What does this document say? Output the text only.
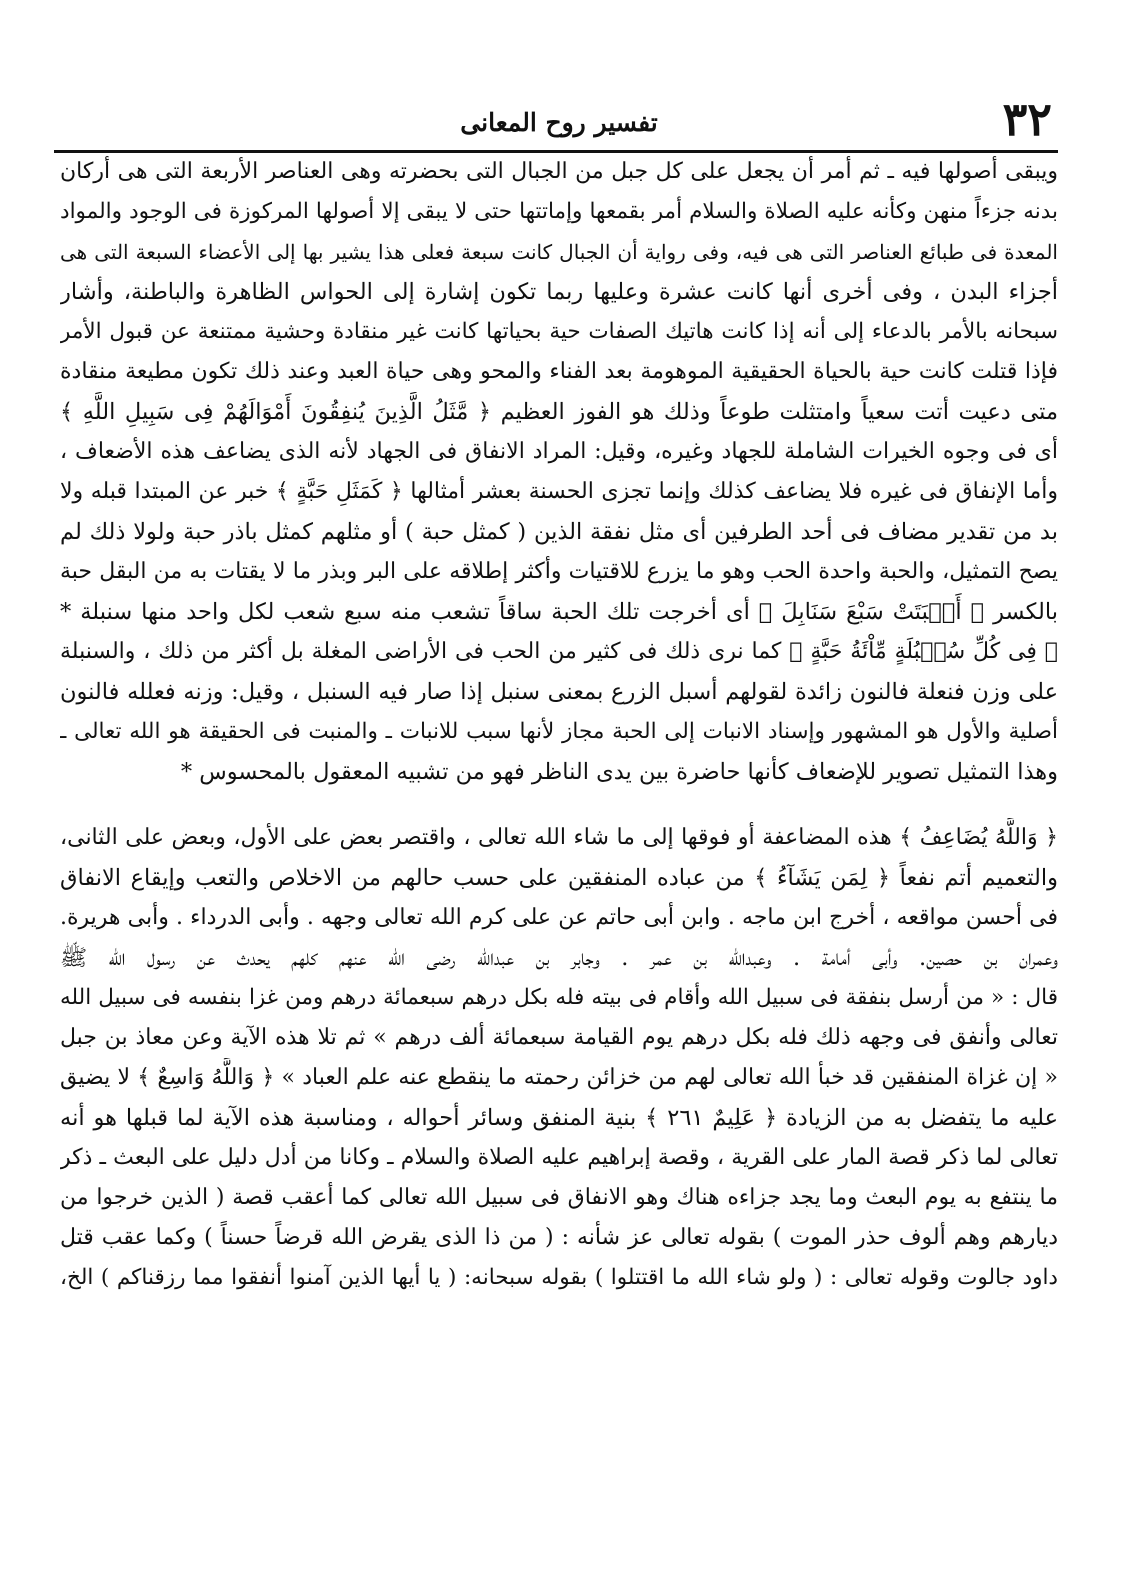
٣٢
تفسير روح المعانى
ويبقى أصولها فيه ـ ثم أمر أن يجعل على كل جبل من الجبال التى بحضرته وهى العناصر الأربعة التى هى أركان
بدنه جزءاً منهن وكأنه عليه الصلاة والسلام أمر بقمعها وإماتتها حتى لا يبقى إلا أصولها المركوزة فى الوجود والمواد
المعدة فى طبائع العناصر التى هى فيه، وفى رواية أن الجبال كانت سبعة فعلى هذا يشير بها إلى الأعضاء السبعة التى هى
أجزاء البدن ، وفى أخرى أنها كانت عشرة وعليها ربما تكون إشارة إلى الحواس الظاهرة والباطنة، وأشار
سبحانه بالأمر بالدعاء إلى أنه إذا كانت هاتيك الصفات حية بحياتها كانت غير منقادة وحشية ممتنعة عن قبول الأمر
فإذا قتلت كانت حية بالحياة الحقيقية الموهومة بعد الفناء والمحو وهى حياة العبد وعند ذلك تكون مطيعة منقادة
متى دعيت أتت سعياً وامتثلت طوعاً وذلك هو الفوز العظيم ﴿ مَّثَلُ الَّذِينَ يُنفِقُونَ أَمْوَالَهُمْ فِى سَبِيلِ اللَّهِ ﴾
أى فى وجوه الخيرات الشاملة للجهاد وغيره، وقيل: المراد الانفاق فى الجهاد لأنه الذى يضاعف هذه الأضعاف ،
وأما الإنفاق فى غيره فلا يضاعف كذلك وإنما تجزى الحسنة بعشر أمثالها ﴿ كَمَثَلِ حَبَّةٍ ﴾ خبر عن المبتدا قبله ولا
بد من تقدير مضاف فى أحد الطرفين أى مثل نفقة الذين ( كمثل حبة ) أو مثلهم كمثل باذر حبة ولولا ذلك لم
يصح التمثيل، والحبة واحدة الحب وهو ما يزرع للاقتيات وأكثر إطلاقه على البر وبذر ما لا يقتات به من البقل حبة
بالكسر ﴿ أَنۢبَتَتْ سَبْعَ سَنَابِلَ ﴾ أى أخرجت تلك الحبة ساقاً تشعب منه سبع شعب لكل واحد منها سنبلة *
﴿ فِى كُلِّ سُنۢبُلَةٍ مِّاْئَةُ حَبَّةٍ ﴾ كما نرى ذلك فى كثير من الحب فى الأراضى المغلة بل أكثر من ذلك ، والسنبلة
على وزن فنعلة فالنون زائدة لقولهم أسبل الزرع بمعنى سنبل إذا صار فيه السنبل ، وقيل: وزنه فعلله فالنون
أصلية والأول هو المشهور وإسناد الانبات إلى الحبة مجاز لأنها سبب للانبات ـ والمنبت فى الحقيقة هو الله تعالى ـ
وهذا التمثيل تصوير للإضعاف كأنها حاضرة بين يدى الناظر فهو من تشبيه المعقول بالمحسوس *
﴿ وَاللَّهُ يُضَاعِفُ ﴾ هذه المضاعفة أو فوقها إلى ما شاء الله تعالى ، واقتصر بعض على الأول، وبعض على الثانى،
والتعميم أتم نفعاً ﴿ لِمَن يَشَآءُ ﴾ من عباده المنفقين على حسب حالهم من الاخلاص والتعب وإيقاع الانفاق
فى أحسن مواقعه ، أخرج ابن ماجه . وابن أبى حاتم عن على كرم الله تعالى وجهه . وأبى الدرداء . وأبى هريرة.
وعمران بن حصين. وأبى أمامة . وعبدالله بن عمر . وجابر بن عبدالله رضى الله عنهم كلهم يحدث عن رسول الله ﷺ
قال : « من أرسل بنفقة فى سبيل الله وأقام فى بيته فله بكل درهم سبعمائة درهم ومن غزا بنفسه فى سبيل الله
تعالى وأنفق فى وجهه ذلك فله بكل درهم يوم القيامة سبعمائة ألف درهم » ثم تلا هذه الآية وعن معاذ بن جبل
« إن غزاة المنفقين قد خبأ الله تعالى لهم من خزائن رحمته ما ينقطع عنه علم العباد » ﴿ وَاللَّهُ وَاسِعٌ ﴾ لا يضيق
عليه ما يتفضل به من الزيادة ﴿ عَلِيمٌ ٢٦١ ﴾ بنية المنفق وسائر أحواله ، ومناسبة هذه الآية لما قبلها هو أنه
تعالى لما ذكر قصة المار على القرية ، وقصة إبراهيم عليه الصلاة والسلام ـ وكانا من أدل دليل على البعث ـ ذكر
ما ينتفع به يوم البعث وما يجد جزاءه هناك وهو الانفاق فى سبيل الله تعالى كما أعقب قصة ( الذين خرجوا من
ديارهم وهم ألوف حذر الموت ) بقوله تعالى عز شأنه : ( من ذا الذى يقرض الله قرضاً حسناً ) وكما عقب قتل
داود جالوت وقوله تعالى : ( ولو شاء الله ما اقتتلوا ) بقوله سبحانه: ( يا أيها الذين آمنوا أنفقوا مما رزقناكم ) الخ،
